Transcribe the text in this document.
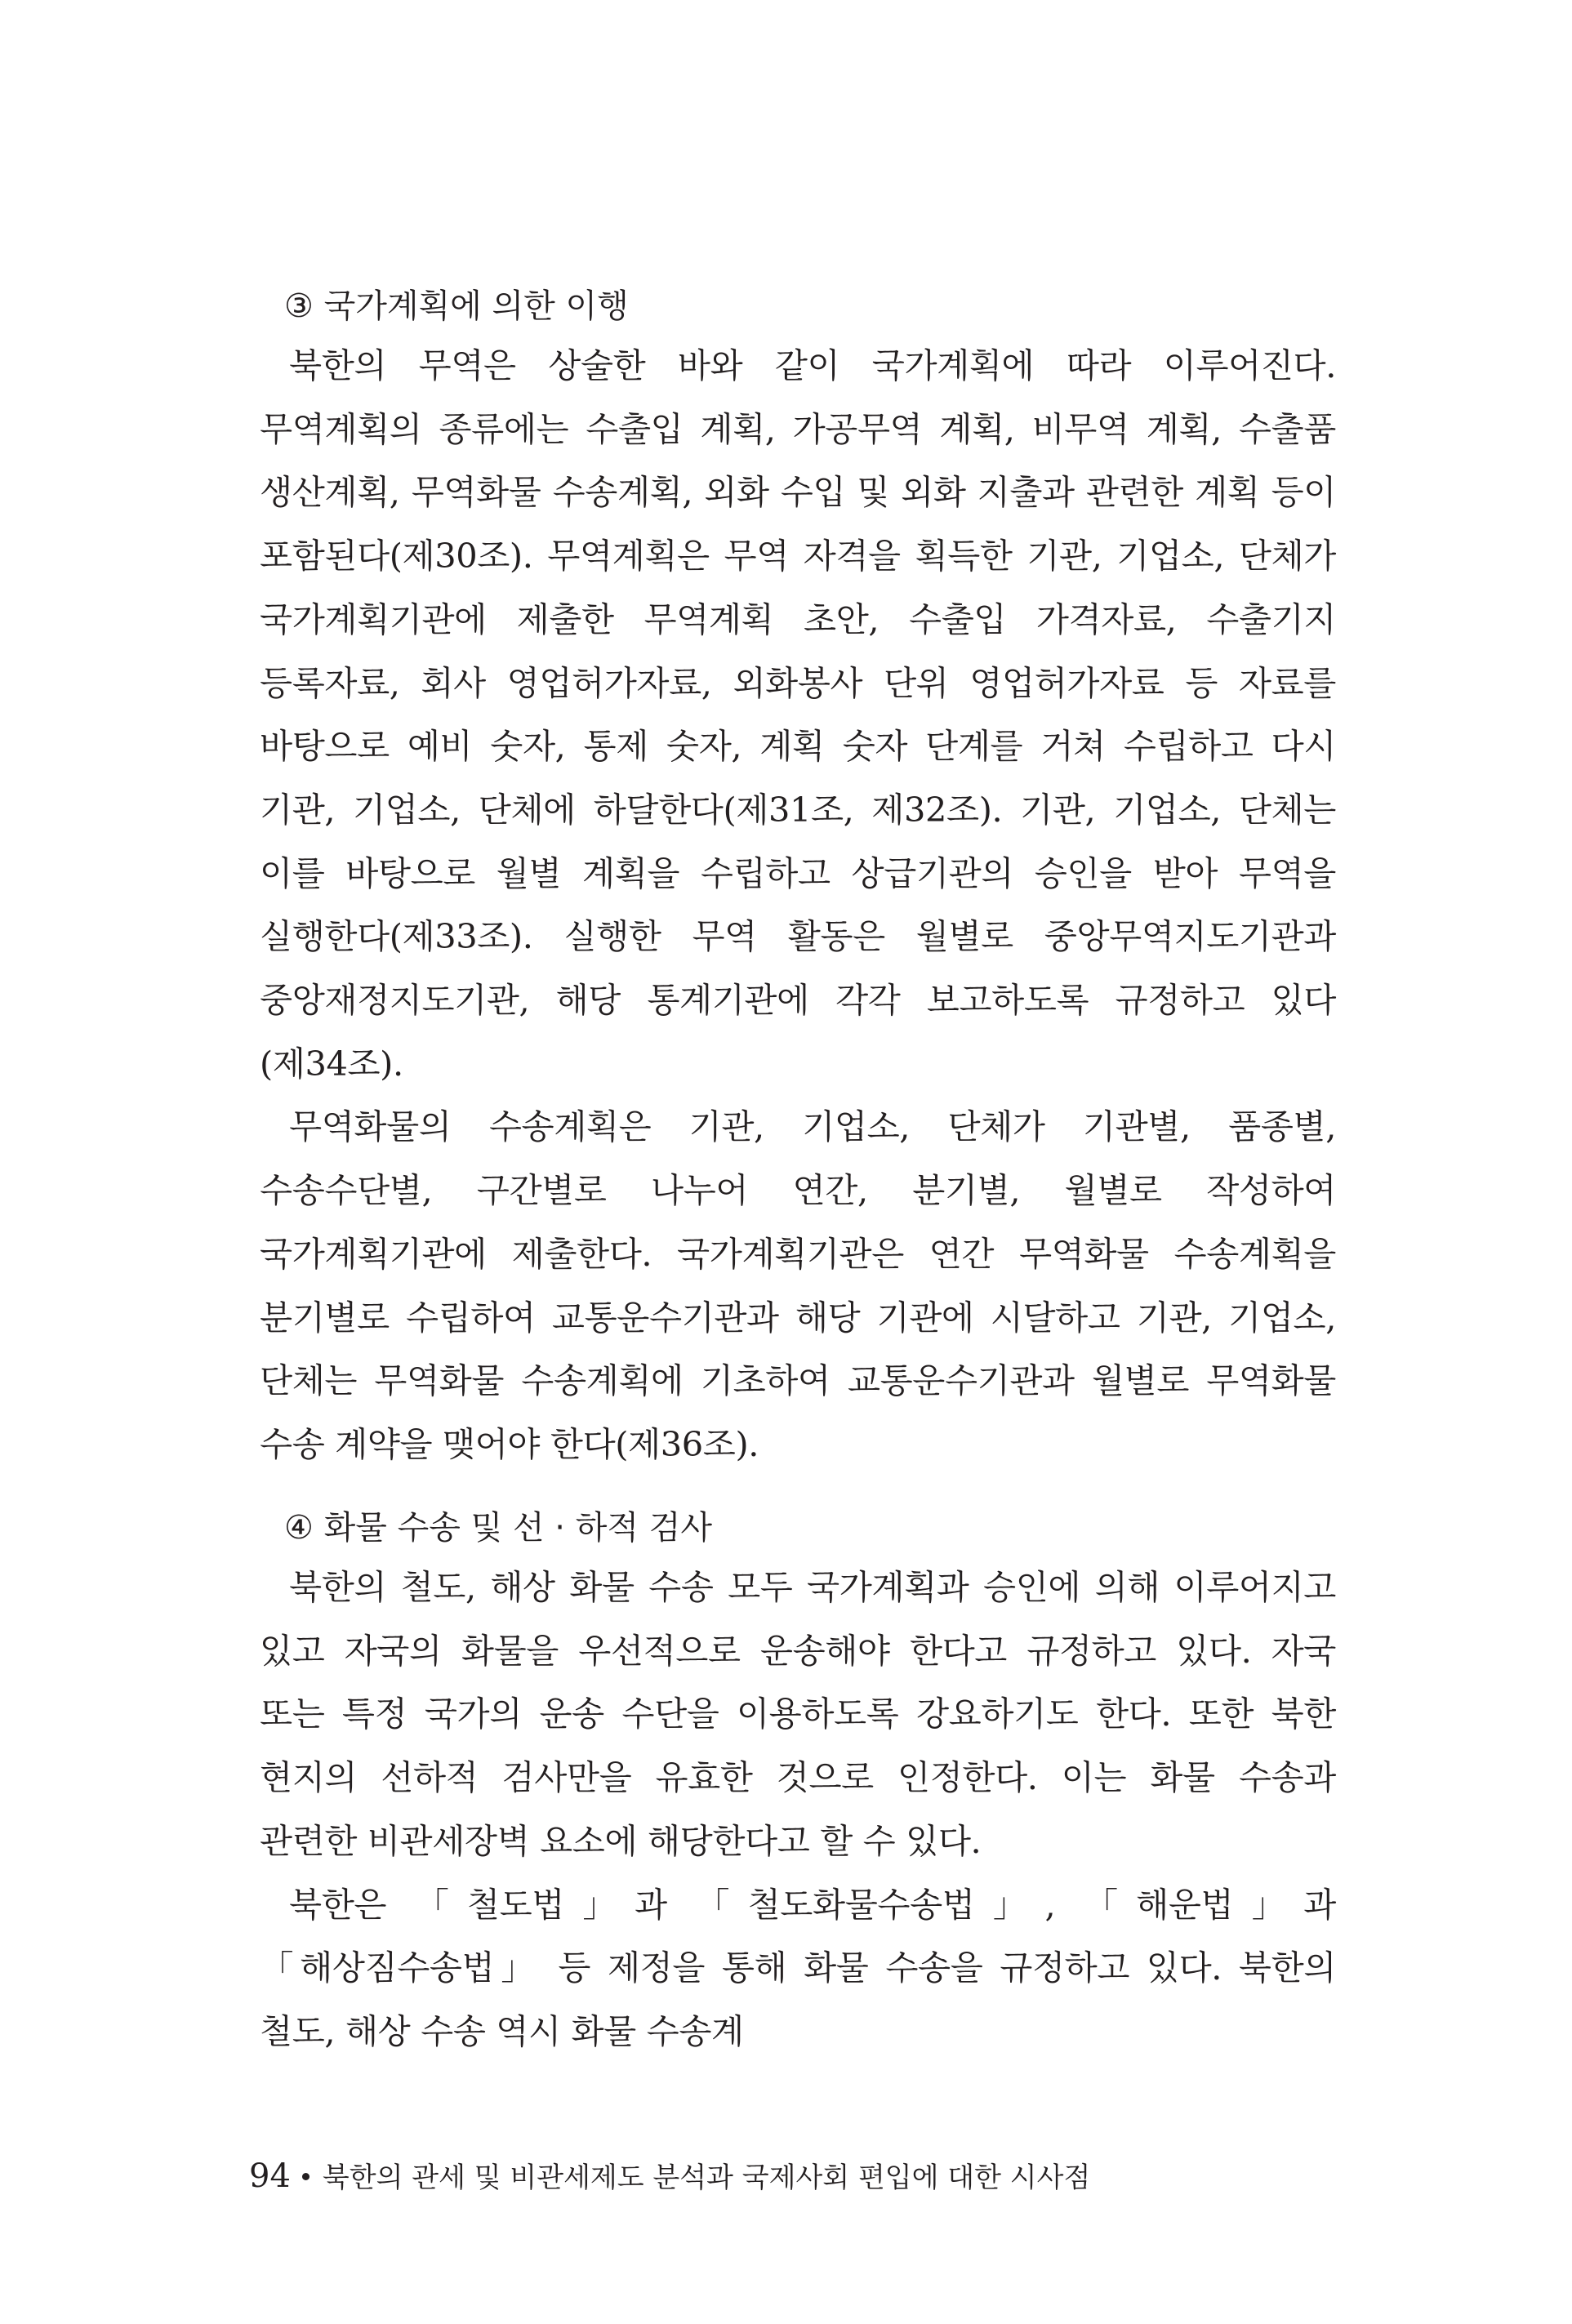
③ 국가계획에 의한 이행

북한의 무역은 상술한 바와 같이 국가계획에 따라 이루어진다. 무역계획의 종류에는 수출입 계획, 가공무역 계획, 비무역 계획, 수출품 생산계획, 무역화물 수송계획, 외화 수입 및 외화 지출과 관련한 계획 등이 포함된다(제30조). 무역계획은 무역 자격을 획득한 기관, 기업소, 단체가 국가계획기관에 제출한 무역계획 초안, 수출입 가격자료, 수출기지 등록자료, 회사 영업허가자료, 외화봉사 단위 영업허가자료 등 자료를 바탕으로 예비 숫자, 통제 숫자, 계획 숫자 단계를 거쳐 수립하고 다시 기관, 기업소, 단체에 하달한다(제31조, 제32조). 기관, 기업소, 단체는 이를 바탕으로 월별 계획을 수립하고 상급기관의 승인을 받아 무역을 실행한다(제33조). 실행한 무역 활동은 월별로 중앙무역지도기관과 중앙재정지도기관, 해당 통계기관에 각각 보고하도록 규정하고 있다(제34조).

무역화물의 수송계획은 기관, 기업소, 단체가 기관별, 품종별, 수송수단별, 구간별로 나누어 연간, 분기별, 월별로 작성하여 국가계획기관에 제출한다. 국가계획기관은 연간 무역화물 수송계획을 분기별로 수립하여 교통운수기관과 해당 기관에 시달하고 기관, 기업소, 단체는 무역화물 수송계획에 기초하여 교통운수기관과 월별로 무역화물 수송 계약을 맺어야 한다(제36조).

④ 화물 수송 및 선 · 하적 검사

북한의 철도, 해상 화물 수송 모두 국가계획과 승인에 의해 이루어지고 있고 자국의 화물을 우선적으로 운송해야 한다고 규정하고 있다. 자국 또는 특정 국가의 운송 수단을 이용하도록 강요하기도 한다. 또한 북한 현지의 선하적 검사만을 유효한 것으로 인정한다. 이는 화물 수송과 관련한 비관세장벽 요소에 해당한다고 할 수 있다.

북한은 「철도법」과 「철도화물수송법」, 「해운법」과 「해상짐수송법」 등 제정을 통해 화물 수송을 규정하고 있다. 북한의 철도, 해상 수송 역시 화물 수송계

94 북한의 관세 및 비관세제도 분석과 국제사회 편입에 대한 시사점
